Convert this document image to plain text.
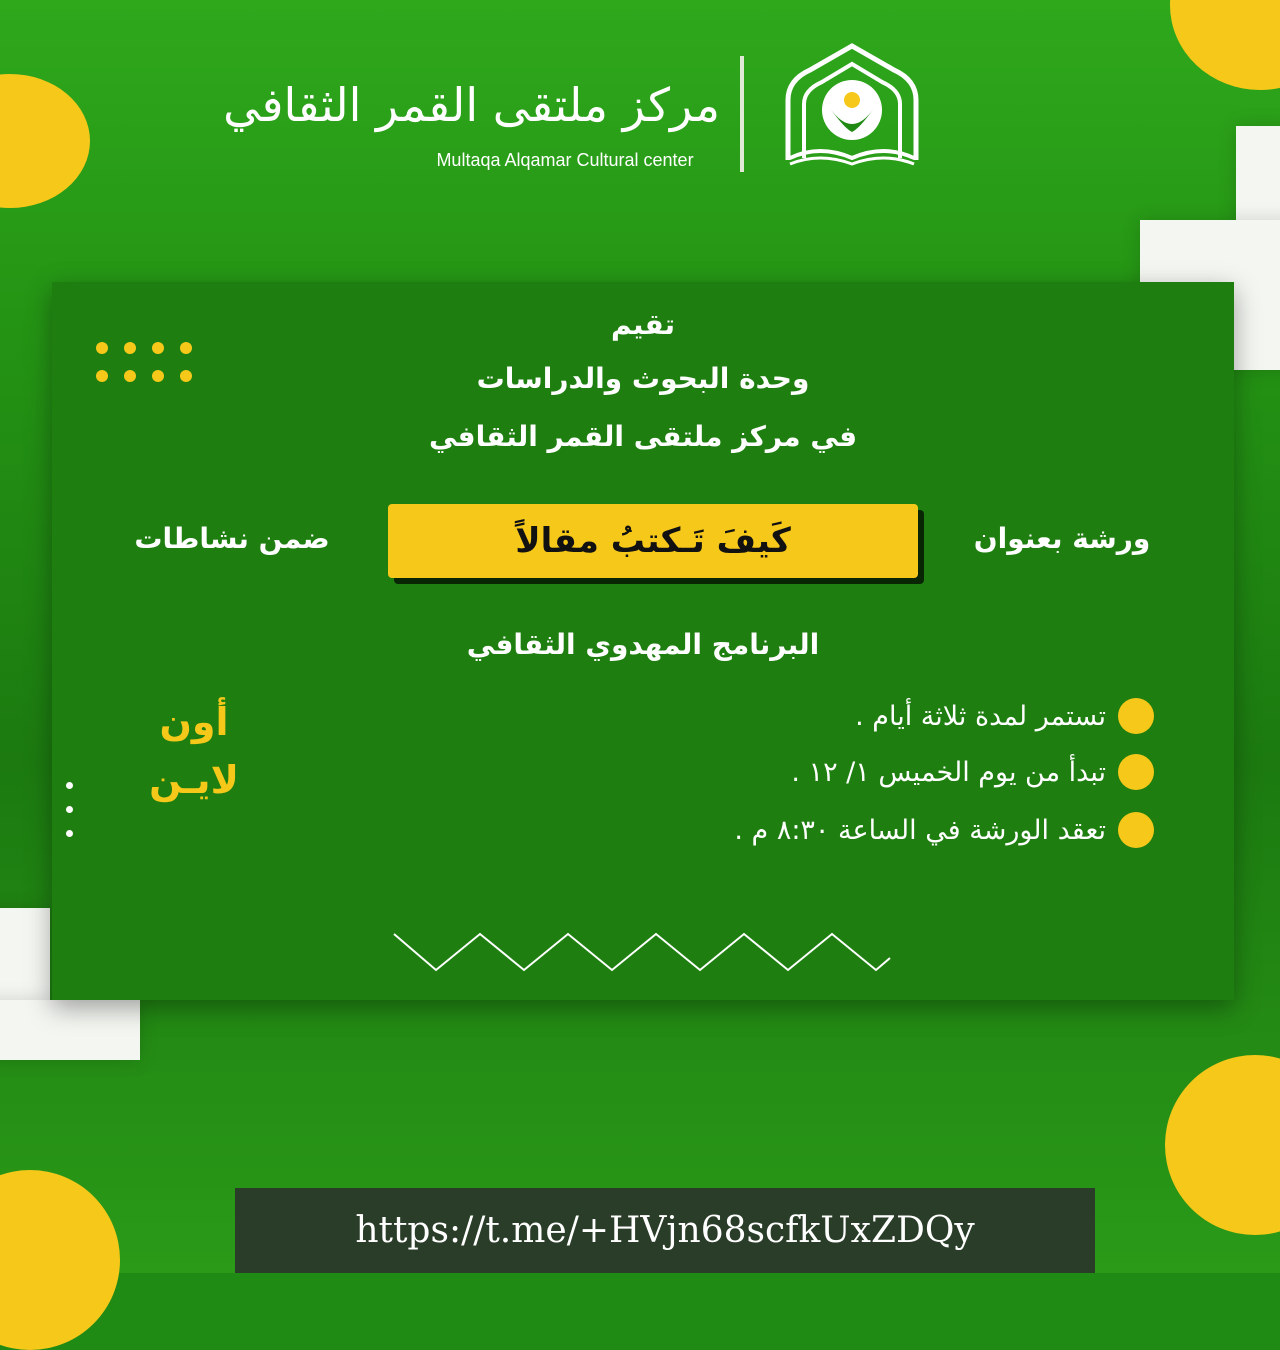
مركز ملتقى القمر الثقافي
Multaqa Alqamar Cultural center
تقيم
وحدة البحوث والدراسات
في مركز ملتقى القمر الثقافي
ورشة بعنوان
كَيفَ تَـكتبُ مقالاً
ضمن نشاطات
البرنامج المهدوي الثقافي
تستمر لمدة ثلاثة أيام .
تبدأ من يوم الخميس ١/ ١٢ .
تعقد الورشة في الساعة ٨:٣٠ م .
أون
لايـن
https://t.me/+HVjn68scfkUxZDQy
